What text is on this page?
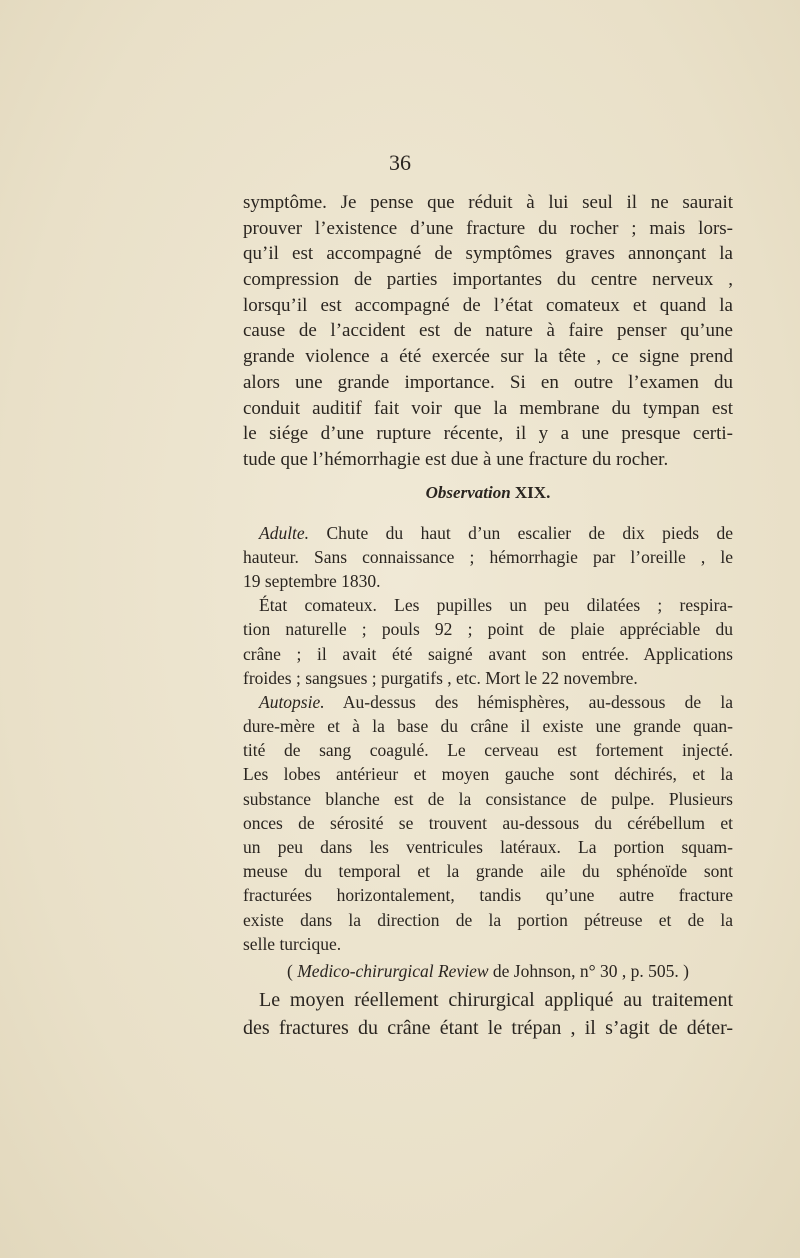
36
symptôme. Je pense que réduit à lui seul il ne saurait
prouver l’existence d’une fracture du rocher ; mais lors-
qu’il est accompagné de symptômes graves annonçant la
compression de parties importantes du centre nerveux ,
lorsqu’il est accompagné de l’état comateux et quand la
cause de l’accident est de nature à faire penser qu’une
grande violence a été exercée sur la tête , ce signe prend
alors une grande importance. Si en outre l’examen du
conduit auditif fait voir que la membrane du tympan est
le siége d’une rupture récente, il y a une presque certi-
tude que l’hémorrhagie est due à une fracture du rocher.
Observation XIX.
Adulte. Chute du haut d’un escalier de dix pieds de
hauteur. Sans connaissance ; hémorrhagie par l’oreille , le
19 septembre 1830.
État comateux. Les pupilles un peu dilatées ; respira-
tion naturelle ; pouls 92 ; point de plaie appréciable du
crâne ; il avait été saigné avant son entrée. Applications
froides ; sangsues ; purgatifs , etc. Mort le 22 novembre.
Autopsie. Au-dessus des hémisphères, au-dessous de la
dure-mère et à la base du crâne il existe une grande quan-
tité de sang coagulé. Le cerveau est fortement injecté.
Les lobes antérieur et moyen gauche sont déchirés, et la
substance blanche est de la consistance de pulpe. Plusieurs
onces de sérosité se trouvent au-dessous du cérébellum et
un peu dans les ventricules latéraux. La portion squam-
meuse du temporal et la grande aile du sphénoïde sont
fracturées horizontalement, tandis qu’une autre fracture
existe dans la direction de la portion pétreuse et de la
selle turcique.
( Medico-chirurgical Review de Johnson, n° 30 , p. 505. )
Le moyen réellement chirurgical appliqué au traitement
des fractures du crâne étant le trépan , il s’agit de déter-
